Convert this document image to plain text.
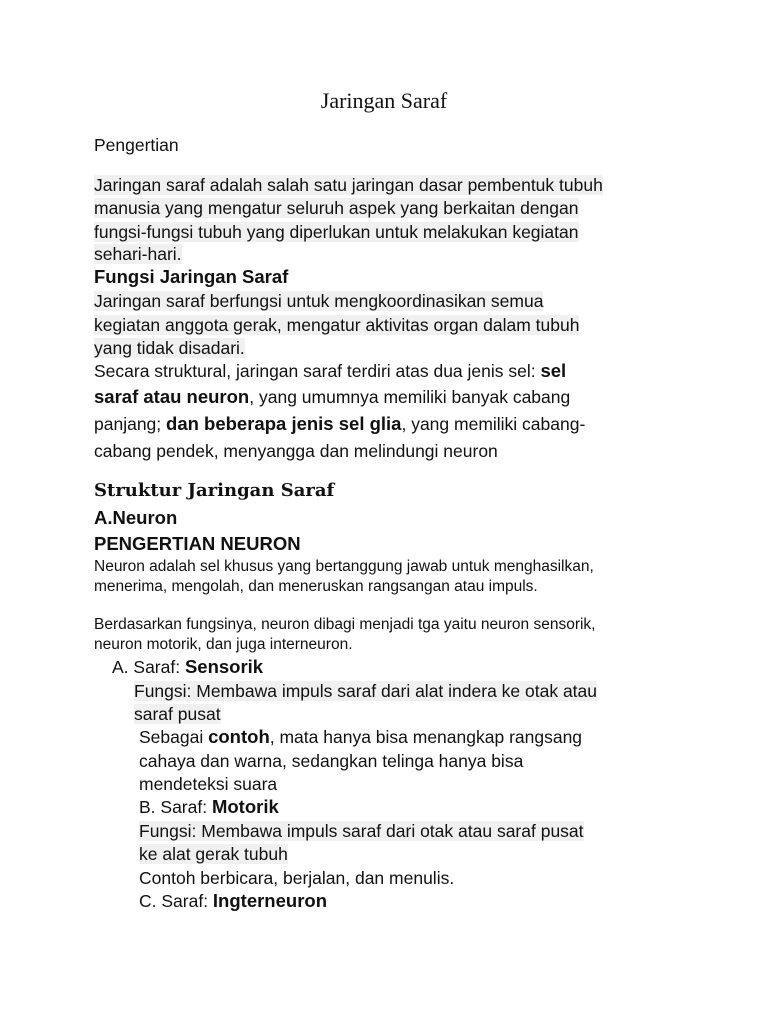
Jaringan Saraf

Pengertian

Jaringan saraf adalah salah satu jaringan dasar pembentuk tubuh

manusia yang mengatur seluruh aspek yang berkaitan dengan

fungsi-fungsi tubuh yang diperlukan untuk melakukan kegiatan

sehari-hari.

Fungsi Jaringan Saraf

Jaringan saraf berfungsi untuk mengkoordinasikan semua

kegiatan anggota gerak, mengatur aktivitas organ dalam tubuh

yang tidak disadari.

Secara struktural, jaringan saraf terdiri atas dua jenis sel: sel

saraf atau neuron, yang umumnya memiliki banyak cabang

panjang; dan beberapa jenis sel glia, yang memiliki cabang-

cabang pendek, menyangga dan melindungi neuron

Struktur Jaringan Saraf

A.Neuron

PENGERTIAN NEURON

Neuron adalah sel khusus yang bertanggung jawab untuk menghasilkan,

menerima, mengolah, dan meneruskan rangsangan atau impuls.

Berdasarkan fungsinya, neuron dibagi menjadi tga yaitu neuron sensorik,

neuron motorik, dan juga interneuron.

A. Saraf: Sensorik

Fungsi: Membawa impuls saraf dari alat indera ke otak atau

saraf pusat

Sebagai contoh, mata hanya bisa menangkap rangsang

cahaya dan warna, sedangkan telinga hanya bisa

mendeteksi suara

B. Saraf: Motorik

Fungsi: Membawa impuls saraf dari otak atau saraf pusat

ke alat gerak tubuh

Contoh berbicara, berjalan, dan menulis.

C. Saraf: Ingterneuron
